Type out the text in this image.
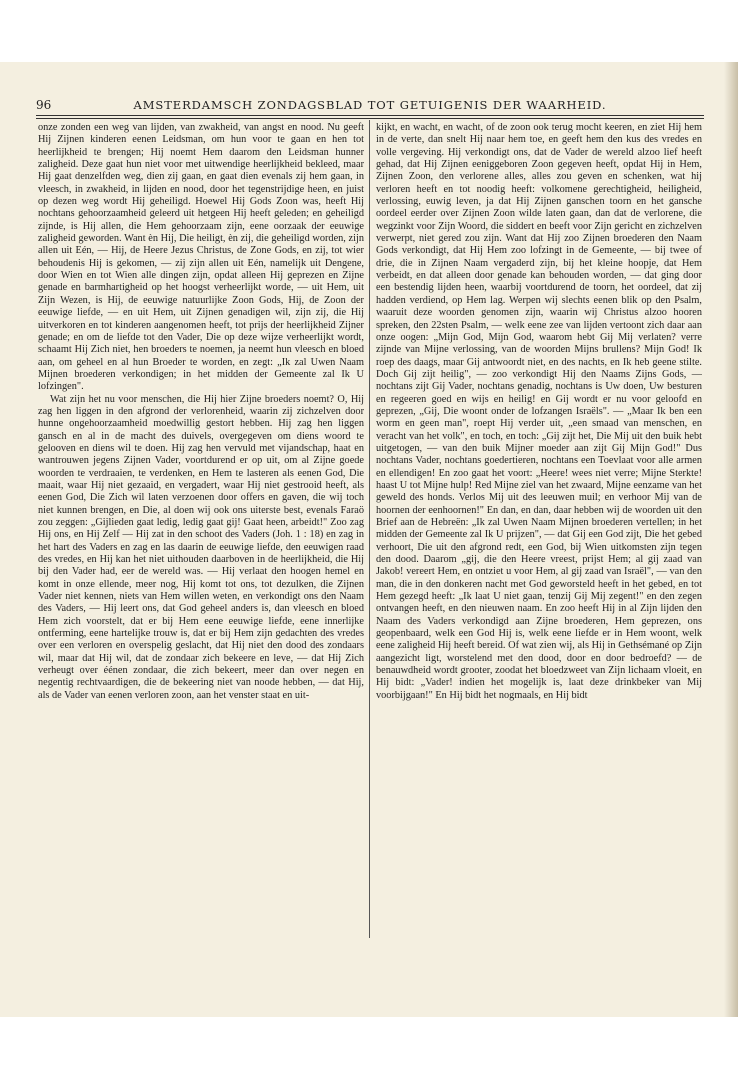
96	AMSTERDAMSCH ZONDAGSBLAD TOT GETUIGENIS DER WAARHEID.

onze zonden een weg van lijden, van zwakheid, van angst en nood. Nu geeft Hij Zijnen kinderen eenen Leidsman, om hun voor te gaan en hen tot heerlijkheid te brengen; Hij noemt Hem daarom den Leidsman hunner zaligheid. Deze gaat hun niet voor met uitwendige heerlijkheid bekleed, maar Hij gaat denzelfden weg, dien zij gaan, en gaat dien evenals zij hem gaan, in vleesch, in zwakheid, in lijden en nood, door het tegenstrijdige heen, en juist op dezen weg wordt Hij geheiligd. Hoewel Hij Gods Zoon was, heeft Hij nochtans gehoorzaamheid geleerd uit hetgeen Hij heeft geleden; en geheiligd zijnde, is Hij allen, die Hem gehoorzaam zijn, eene oorzaak der eeuwige zaligheid geworden. Want èn Hij, Die heiligt, èn zij, die geheiligd worden, zijn allen uit Eén, — Hij, de Heere Jezus Christus, de Zone Gods, en zij, tot wier behoudenis Hij is gekomen, — zij zijn allen uit Eén, namelijk uit Dengene, door Wien en tot Wien alle dingen zijn, opdat alleen Hij geprezen en Zijne genade en barmhartigheid op het hoogst verheerlijkt worde, — uit Hem, uit Zijn Wezen, is Hij, de eeuwige natuurlijke Zoon Gods, Hij, de Zoon der eeuwige liefde, — en uit Hem, uit Zijnen genadigen wil, zijn zij, die Hij uitverkoren en tot kinderen aangenomen heeft, tot prijs der heerlijkheid Zijner genade; en om de liefde tot den Vader, Die op deze wijze verheerlijkt wordt, schaamt Hij Zich niet, hen broeders te noemen, ja neemt hun vleesch en bloed aan, om geheel en al hun Broeder te worden, en zegt: „Ik zal Uwen Naam Mijnen broederen verkondigen; in het midden der Gemeente zal Ik U lofzingen".

Wat zijn het nu voor menschen, die Hij hier Zijne broeders noemt? O, Hij zag hen liggen in den afgrond der verlorenheid, waarin zij zichzelven door hunne ongehoorzaamheid moedwillig gestort hebben. Hij zag hen liggen gansch en al in de macht des duivels, overgegeven om diens woord te gelooven en diens wil te doen. Hij zag hen vervuld met vijandschap, haat en wantrouwen jegens Zijnen Vader, voortdurend er op uit, om al Zijne goede woorden te verdraaien, te verdenken, en Hem te lasteren als eenen God, Die maait, waar Hij niet gezaaid, en vergadert, waar Hij niet gestrooid heeft, als eenen God, Die Zich wil laten verzoenen door offers en gaven, die wij toch niet kunnen brengen, en Die, al doen wij ook ons uiterste best, evenals Faraö zou zeggen: „Gijlieden gaat ledig, ledig gaat gij! Gaat heen, arbeidt!" Zoo zag Hij ons, en Hij Zelf — Hij zat in den schoot des Vaders (Joh. 1 : 18) en zag in het hart des Vaders en zag en las daarin de eeuwige liefde, den eeuwigen raad des vredes, en Hij kan het niet uithouden daarboven in de heerlijkheid, die Hij bij den Vader had, eer de wereld was. — Hij verlaat den hoogen hemel en komt in onze ellende, meer nog, Hij komt tot ons, tot dezulken, die Zijnen Vader niet kennen, niets van Hem willen weten, en verkondigt ons den Naam des Vaders, — Hij leert ons, dat God geheel anders is, dan vleesch en bloed Hem zich voorstelt, dat er bij Hem eene eeuwige liefde, eene innerlijke ontferming, eene hartelijke trouw is, dat er bij Hem zijn gedachten des vredes over een verloren en overspelig geslacht, dat Hij niet den dood des zondaars wil, maar dat Hij wil, dat de zondaar zich bekeere en leve, — dat Hij Zich verheugt over éénen zondaar, die zich bekeert, meer dan over negen en negentig rechtvaardigen, die de bekeering niet van noode hebben, — dat Hij, als de Vader van eenen verloren zoon, aan het venster staat en uit-

kijkt, en wacht, en wacht, of de zoon ook terug mocht keeren, en ziet Hij hem in de verte, dan snelt Hij naar hem toe, en geeft hem den kus des vredes en volle vergeving. Hij verkondigt ons, dat de Vader de wereld alzoo lief heeft gehad, dat Hij Zijnen eeniggeboren Zoon gegeven heeft, opdat Hij in Hem, Zijnen Zoon, den verlorene alles, alles zou geven en schenken, wat hij verloren heeft en tot noodig heeft: volkomene gerechtigheid, heiligheid, verlossing, euwig leven, ja dat Hij Zijnen ganschen toorn en het gansche oordeel eerder over Zijnen Zoon wilde laten gaan, dan dat de verlorene, die wegzinkt voor Zijn Woord, die siddert en beeft voor Zijn gericht en zichzelven verwerpt, niet gered zou zijn. Want dat Hij zoo Zijnen broederen den Naam Gods verkondigt, dat Hij Hem zoo lofzingt in de Gemeente, — bij twee of drie, die in Zijnen Naam vergaderd zijn, bij het kleine hoopje, dat Hem verbeidt, en dat alleen door genade kan behouden worden, — dat ging door een bestendig lijden heen, waarbij voortdurend de toorn, het oordeel, dat zij hadden verdiend, op Hem lag. Werpen wij slechts eenen blik op den Psalm, waaruit deze woorden genomen zijn, waarin wij Christus alzoo hooren spreken, den 22sten Psalm, — welk eene zee van lijden vertoont zich daar aan onze oogen: „Mijn God, Mijn God, waarom hebt Gij Mij verlaten? verre zijnde van Mijne verlossing, van de woorden Mijns brullens? Mijn God! Ik roep des daags, maar Gij antwoordt niet, en des nachts, en Ik heb geene stilte. Doch Gij zijt heilig", — zoo verkondigt Hij den Naams Zijns Gods, — nochtans zijt Gij Vader, nochtans genadig, nochtans is Uw doen, Uw besturen en regeeren goed en wijs en heilig! en Gij wordt er nu voor geloofd en geprezen, „Gij, Die woont onder de lofzangen Israëls". — „Maar Ik ben een worm en geen man", roept Hij verder uit, „een smaad van menschen, en veracht van het volk", en toch, en toch: „Gij zijt het, Die Mij uit den buik hebt uitgetogen, — van den buik Mijner moeder aan zijt Gij Mijn God!" Dus nochtans Vader, nochtans goedertieren, nochtans een Toevlaat voor alle armen en ellendigen! En zoo gaat het voort: „Heere! wees niet verre; Mijne Sterkte! haast U tot Mijne hulp! Red Mijne ziel van het zwaard, Mijne eenzame van het geweld des honds. Verlos Mij uit des leeuwen muil; en verhoor Mij van de hoornen der eenhoornen!" En dan, en dan, daar hebben wij de woorden uit den Brief aan de Hebreën: „Ik zal Uwen Naam Mijnen broederen vertellen; in het midden der Gemeente zal Ik U prijzen", — dat Gij een God zijt, Die het gebed verhoort, Die uit den afgrond redt, een God, bij Wien uitkomsten zijn tegen den dood. Daarom „gij, die den Heere vreest, prijst Hem; al gij zaad van Jakob! vereert Hem, en ontziet u voor Hem, al gij zaad van Israël", — van den man, die in den donkeren nacht met God geworsteld heeft in het gebed, en tot Hem gezegd heeft: „Ik laat U niet gaan, tenzij Gij Mij zegent!" en den zegen ontvangen heeft, en den nieuwen naam. En zoo heeft Hij in al Zijn lijden den Naam des Vaders verkondigd aan Zijne broederen, Hem geprezen, ons geopenbaard, welk een God Hij is, welk eene liefde er in Hem woont, welk eene zaligheid Hij heeft bereid. Of wat zien wij, als Hij in Gethsémané op Zijn aangezicht ligt, worstelend met den dood, door en door bedroefd? — de benauwdheid wordt grooter, zoodat het bloedzweet van Zijn lichaam vloeit, en Hij bidt: „Vader! indien het mogelijk is, laat deze drinkbeker van Mij voorbijgaan!" En Hij bidt het nogmaals, en Hij bidt
